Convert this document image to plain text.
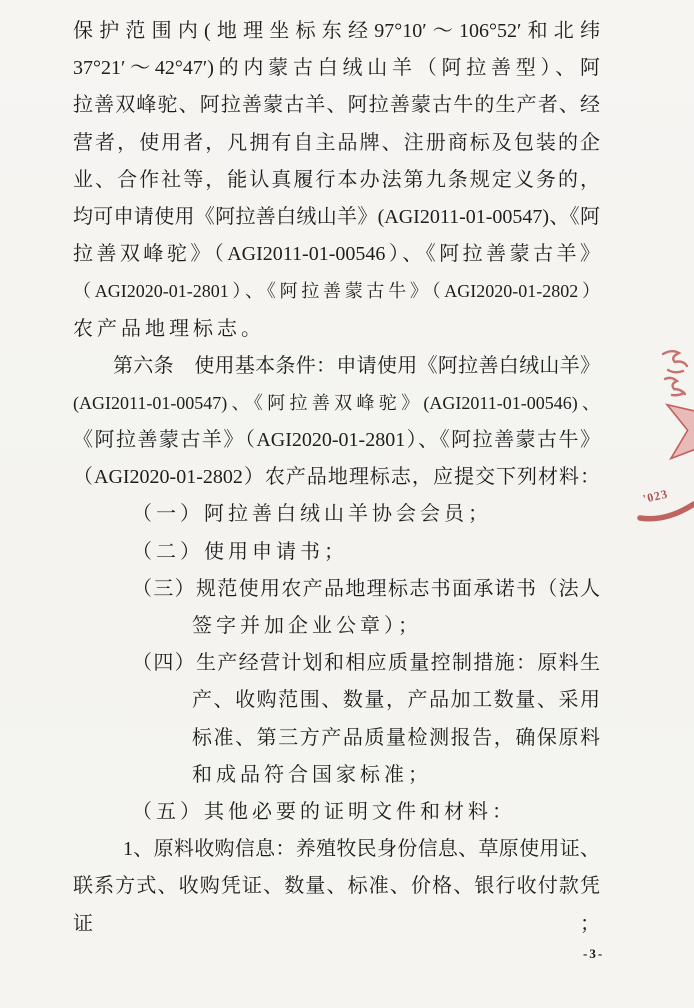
保护范围内(地理坐标东经97°10′～106°52′和北纬
37°21′～42°47′)的内蒙古白绒山羊（阿拉善型）、阿
拉善双峰驼、阿拉善蒙古羊、阿拉善蒙古牛的生产者、经
营者，使用者，凡拥有自主品牌、注册商标及包装的企
业、合作社等，能认真履行本办法第九条规定义务的，
均可申请使用《阿拉善白绒山羊》(AGI2011-01-00547)、《阿
拉善双峰驼》（AGI2011-01-00546）、《阿拉善蒙古羊》
（AGI2020-01-2801）、《阿拉善蒙古牛》（AGI2020-01-2802）
农产品地理标志。
第六条　使用基本条件：申请使用《阿拉善白绒山羊》
(AGI2011-01-00547)、《阿拉善双峰驼》(AGI2011-01-00546)、
《阿拉善蒙古羊》（AGI2020-01-2801）、《阿拉善蒙古牛》
（AGI2020-01-2802）农产品地理标志，应提交下列材料：
（一）阿拉善白绒山羊协会会员；
（二）使用申请书；
（三）规范使用农产品地理标志书面承诺书（法人
签字并加企业公章）；
（四）生产经营计划和相应质量控制措施：原料生
产、收购范围、数量，产品加工数量、采用
标准、第三方产品质量检测报告，确保原料
和成品符合国家标准；
（五）其他必要的证明文件和材料：
1、原料收购信息：养殖牧民身份信息、草原使用证、
联系方式、收购凭证、数量、标准、价格、银行收付款凭证；
'023
-3-
